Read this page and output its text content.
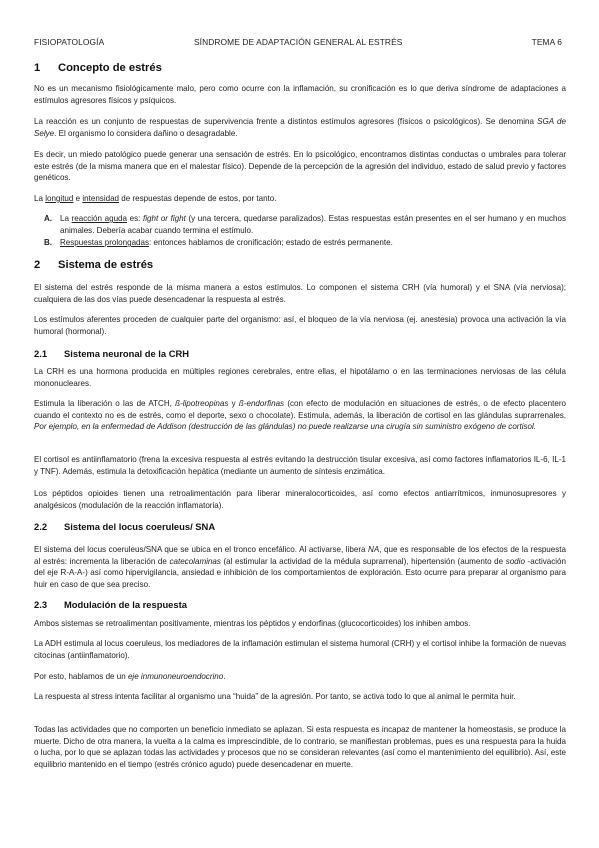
FISIOPATOLOGÍA	SÍNDROME DE ADAPTACIÓN GENERAL AL ESTRÉS	TEMA 6
1 Concepto de estrés
No es un mecanismo fisiológicamente malo, pero como ocurre con la inflamación, su cronificación es lo que deriva síndrome de adaptaciones a estímulos agresores físicos y psíquicos.
La reacción es un conjunto de respuestas de supervivencia frente a distintos estímulos agresores (físicos o psicológicos). Se denomina SGA de Selye. El organismo lo considera dañino o desagradable.
Es decir, un miedo patológico puede generar una sensación de estrés. En lo psicológico, encontramos distintas conductas o umbrales para tolerar este estrés (de la misma manera que en el malestar físico). Depende de la percepción de la agresión del individuo, estado de salud previo y factores genéticos.
La longitud e intensidad de respuestas depende de estos, por tanto.
A. La reacción aguda es: fight or fight (y una tercera, quedarse paralizados). Estas respuestas están presentes en el ser humano y en muchos animales. Debería acabar cuando termina el estímulo.
B. Respuestas prolongadas: entonces hablamos de cronificación; estado de estrés permanente.
2 Sistema de estrés
El sistema del estrés responde de la misma manera a estos estímulos. Lo componen el sistema CRH (vía humoral) y el SNA (vía nerviosa); cualquiera de las dos vías puede desencadenar la respuesta al estrés.
Los estímulos aferentes proceden de cualquier parte del organismo: así, el bloqueo de la vía nerviosa (ej. anestesia) provoca una activación la vía humoral (hormonal).
2.1 Sistema neuronal de la CRH
La CRH es una hormona producida en múltiples regiones cerebrales, entre ellas, el hipotálamo o en las terminaciones nerviosas de las célula mononucleares.
Estimula la liberación o las de ATCH, ß-lipotreopinas y ß-endorfinas (con efecto de modulación en situaciones de estrés, o de efecto placentero cuando el contexto no es de estrés, como el deporte, sexo o chocolate). Estimula, además, la liberación de cortisol en las glándulas suprarrenales. Por ejemplo, en la enfermedad de Addison (destrucción de las glándulas) no puede realizarse una cirugía sin suministro exógeno de cortisol.
El cortisol es antiinflamatorio (frena la excesiva respuesta al estrés evitando la destrucción tisular excesiva, así como factores inflamatorios IL-6, IL-1 y TNF). Además, estimula la detoxificación hepática (mediante un aumento de síntesis enzimática.
Los péptidos opioides tienen una retroalimentación para liberar mineralocorticoides, así como efectos antiarrítmicos, inmunosupresores y analgésicos (modulación de la reacción inflamatoria).
2.2 Sistema del locus coeruleus/ SNA
El sistema del locus coeruleus/SNA que se ubica en el tronco encefálico. Al activarse, libera NA, que es responsable de los efectos de la respuesta al estrés: incrementa la liberación de catecolaminas (al estimular la actividad de la médula suprarrenal), hipertensión (aumento de sodio -activación del eje R-A-A-) así como hipervigilancia, ansiedad e inhibición de los comportamientos de exploración. Esto ocurre para preparar al organismo para huir en caso de que sea preciso.
2.3 Modulación de la respuesta
Ambos sistemas se retroalimentan positivamente, mientras los péptidos y endorfinas (glucocorticoides) los inhiben ambos.
La ADH estimula al locus coeruleus, los mediadores de la inflamación estimulan el sistema humoral (CRH) y el cortisol inhibe la formación de nuevas citocinas (antiinflamatorio).
Por esto, hablamos de un eje inmunoneuroendocrino.
La respuesta al stress intenta facilitar al organismo una “huida” de la agresión. Por tanto, se activa todo lo que al animal le permita huir.
Todas las actividades que no comporten un beneficio inmediato se aplazan. Si esta respuesta es incapaz de mantener la homeostasis, se produce la muerte. Dicho de otra manera, la vuelta a la calma es imprescindible, de lo contrario, se manifiestan problemas, pues es una respuesta para la huida o lucha, por lo que se aplazan todas las actividades y procesos que no se consideran relevantes (así como el mantenimiento del equilibrio). Así, este equilibrio mantenido en el tiempo (estrés crónico agudo) puede desencadenar en muerte.
